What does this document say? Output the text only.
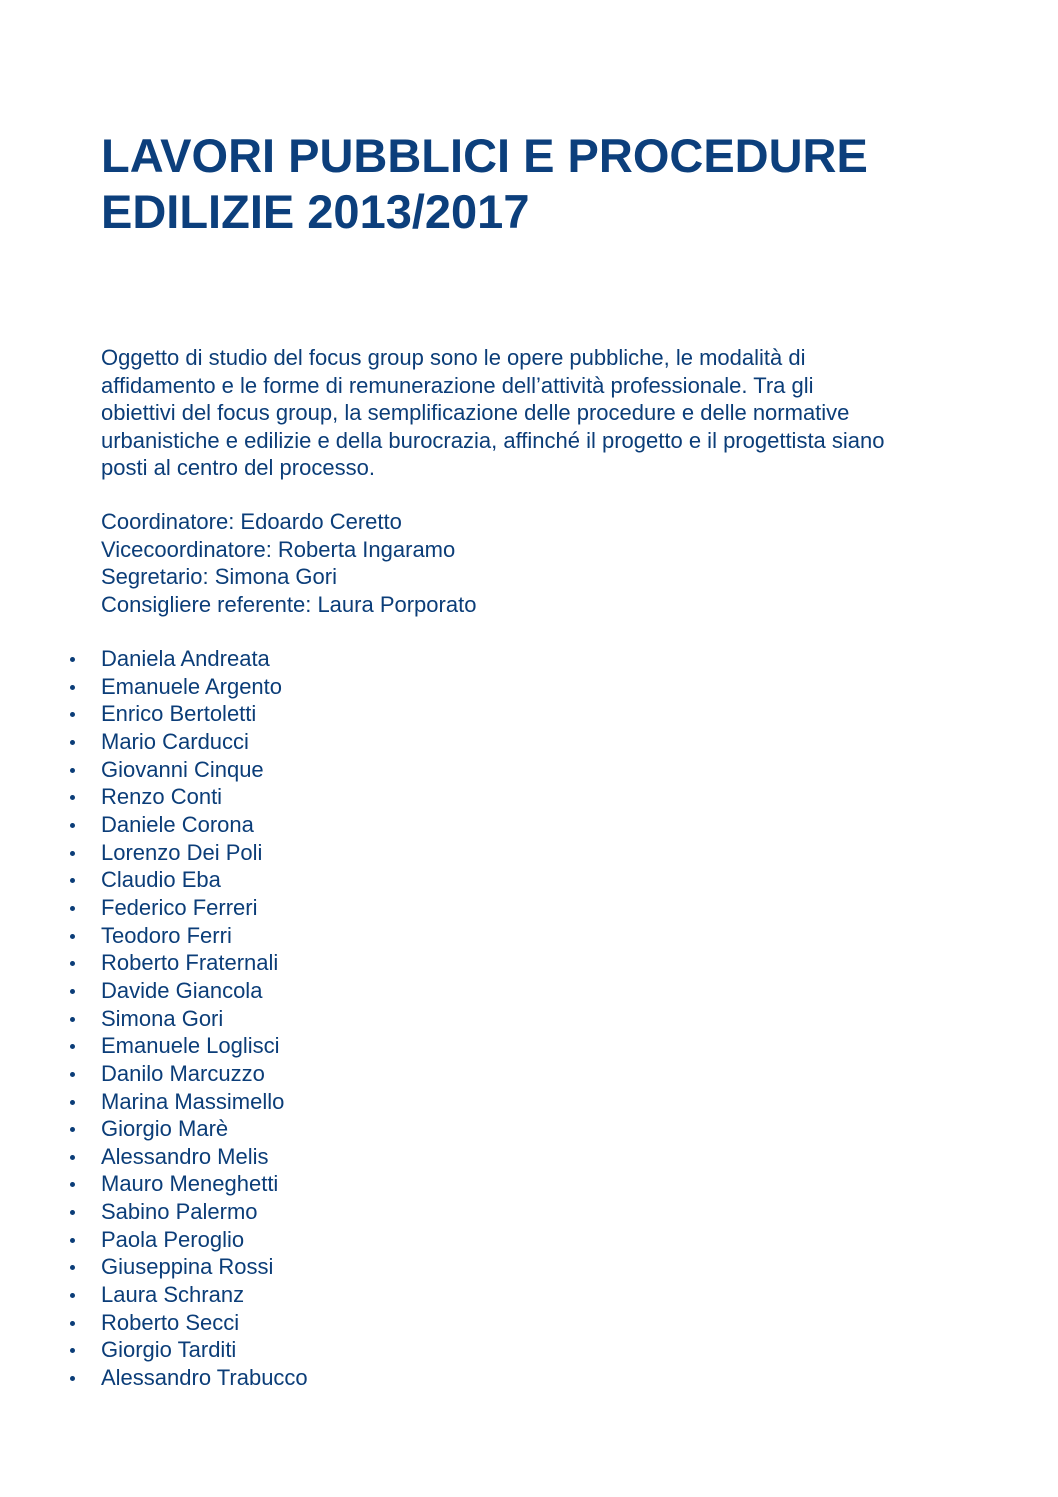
LAVORI PUBBLICI E PROCEDURE
EDILIZIE 2013/2017

Oggetto di studio del focus group sono le opere pubbliche, le modalità di
affidamento e le forme di remunerazione dell’attività professionale. Tra gli
obiettivi del focus group, la semplificazione delle procedure e delle normative
urbanistiche e edilizie e della burocrazia, affinché il progetto e il progettista siano
posti al centro del processo.

Coordinatore: Edoardo Ceretto
Vicecoordinatore: Roberta Ingaramo
Segretario: Simona Gori
Consigliere referente: Laura Porporato
Daniela Andreata
Emanuele Argento
Enrico Bertoletti
Mario Carducci
Giovanni Cinque
Renzo Conti
Daniele Corona
Lorenzo Dei Poli
Claudio Eba
Federico Ferreri
Teodoro Ferri
Roberto Fraternali
Davide Giancola
Simona Gori
Emanuele Loglisci
Danilo Marcuzzo
Marina Massimello
Giorgio Marè
Alessandro Melis
Mauro Meneghetti
Sabino Palermo
Paola Peroglio
Giuseppina Rossi
Laura Schranz
Roberto Secci
Giorgio Tarditi
Alessandro Trabucco
